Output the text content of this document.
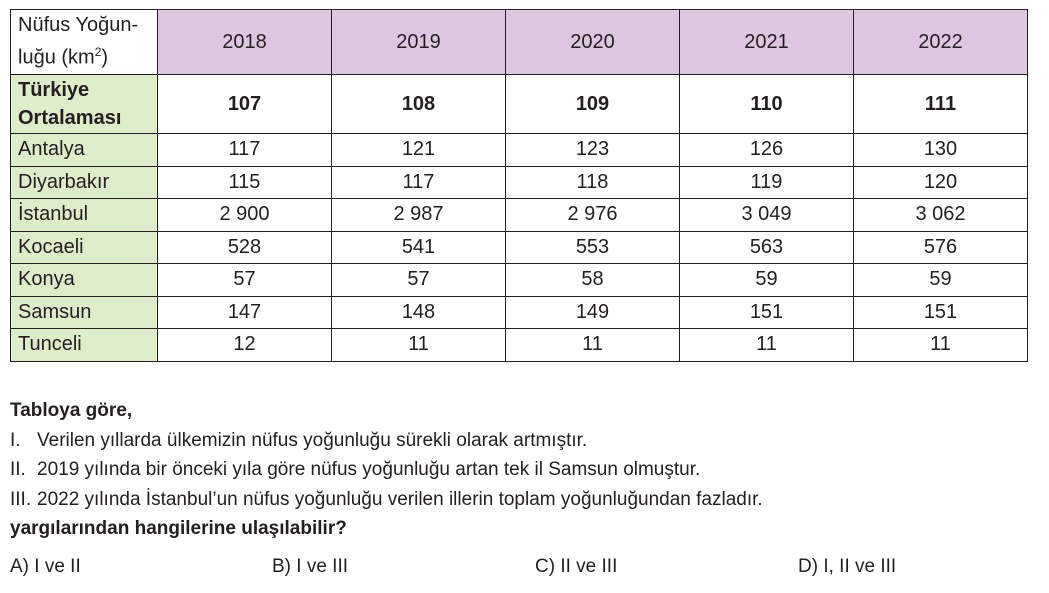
Nüfus Yoğun-
luğu $(km^2)$	2018	2019	2020	2021	2022
Türkiye
Ortalaması	107	108	109	110	111
Antalya	117	121	123	126	130
Diyarbakır	115	117	118	119	120
İstanbul	2 900	2 987	2 976	3 049	3 062
Kocaeli	528	541	553	563	576
Konya	57	57	58	59	59
Samsun	147	148	149	151	151
Tunceli	12	11	11	11	11
Tabloya göre,
I. Verilen yıllarda ülkemizin nüfus yoğunluğu sürekli olarak artmıştır.
II. 2019 yılında bir önceki yıla göre nüfus yoğunluğu artan tek il Samsun olmuştur.
III. 2022 yılında İstanbul’un nüfus yoğunluğu verilen illerin toplam yoğunluğundan fazladır.
yargılarından hangilerine ulaşılabilir?
A) I ve II	B) I ve III	C) II ve III	D) I, II ve III
